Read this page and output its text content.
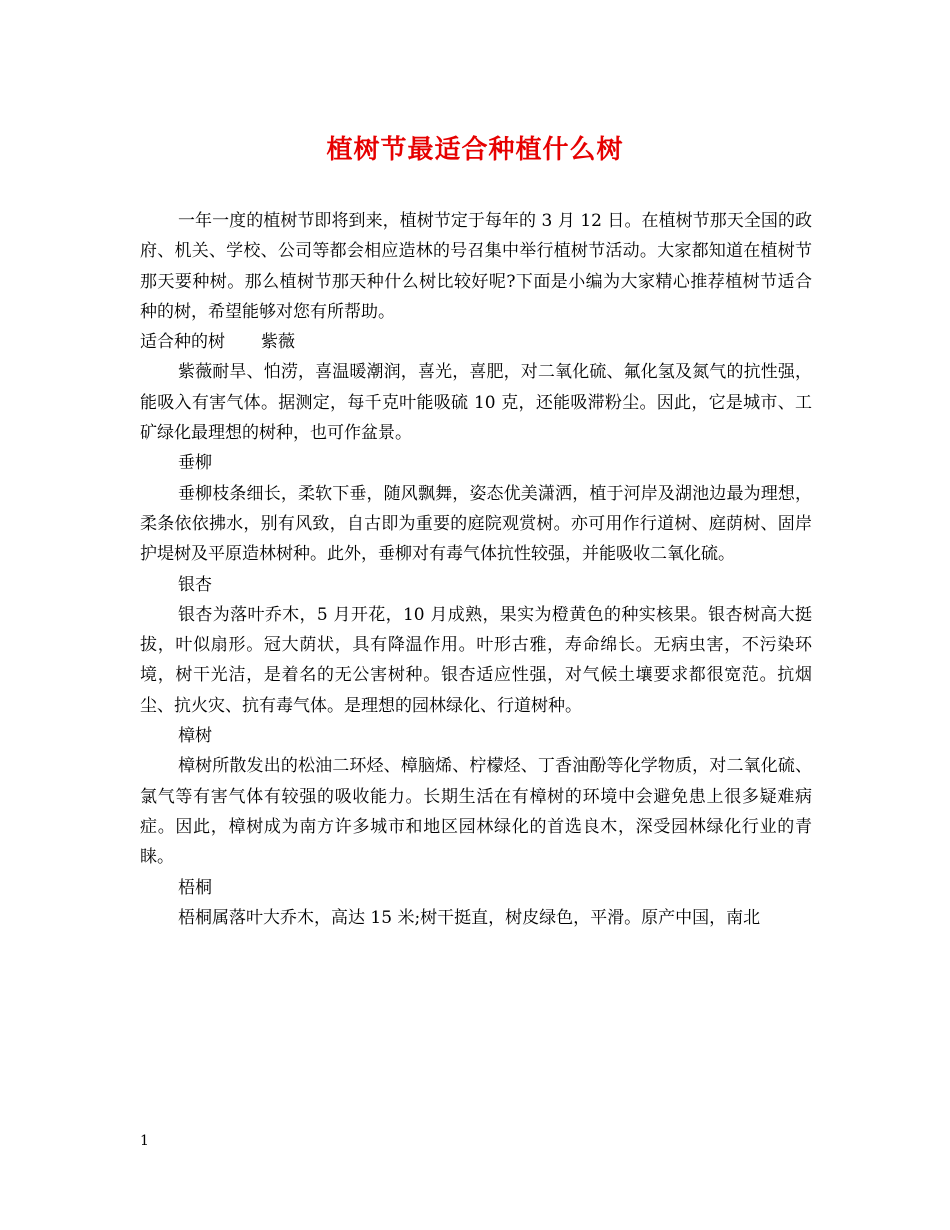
植树节最适合种植什么树

一年一度的植树节即将到来，植树节定于每年的 3 月 12 日。在植树节那天全国的政府、机关、学校、公司等都会相应造林的号召集中举行植树节活动。大家都知道在植树节那天要种树。那么植树节那天种什么树比较好呢?下面是小编为大家精心推荐植树节适合种的树，希望能够对您有所帮助。

适合种的树 紫薇

紫薇耐旱、怕涝，喜温暖潮润，喜光，喜肥，对二氧化硫、氟化氢及氮气的抗性强，能吸入有害气体。据测定，每千克叶能吸硫 10 克，还能吸滞粉尘。因此，它是城市、工矿绿化最理想的树种，也可作盆景。

垂柳

垂柳枝条细长，柔软下垂，随风飘舞，姿态优美潇洒，植于河岸及湖池边最为理想，柔条依依拂水，别有风致，自古即为重要的庭院观赏树。亦可用作行道树、庭荫树、固岸护堤树及平原造林树种。此外，垂柳对有毒气体抗性较强，并能吸收二氧化硫。

银杏

银杏为落叶乔木，5 月开花，10 月成熟，果实为橙黄色的种实核果。银杏树高大挺拔，叶似扇形。冠大荫状，具有降温作用。叶形古雅，寿命绵长。无病虫害，不污染环境，树干光洁，是着名的无公害树种。银杏适应性强，对气候土壤要求都很宽范。抗烟尘、抗火灾、抗有毒气体。是理想的园林绿化、行道树种。

樟树

樟树所散发出的松油二环烃、樟脑烯、柠檬烃、丁香油酚等化学物质，对二氧化硫、氯气等有害气体有较强的吸收能力。长期生活在有樟树的环境中会避免患上很多疑难病症。因此，樟树成为南方许多城市和地区园林绿化的首选良木，深受园林绿化行业的青睐。

梧桐

梧桐属落叶大乔木，高达 15 米;树干挺直，树皮绿色，平滑。原产中国，南北

1
